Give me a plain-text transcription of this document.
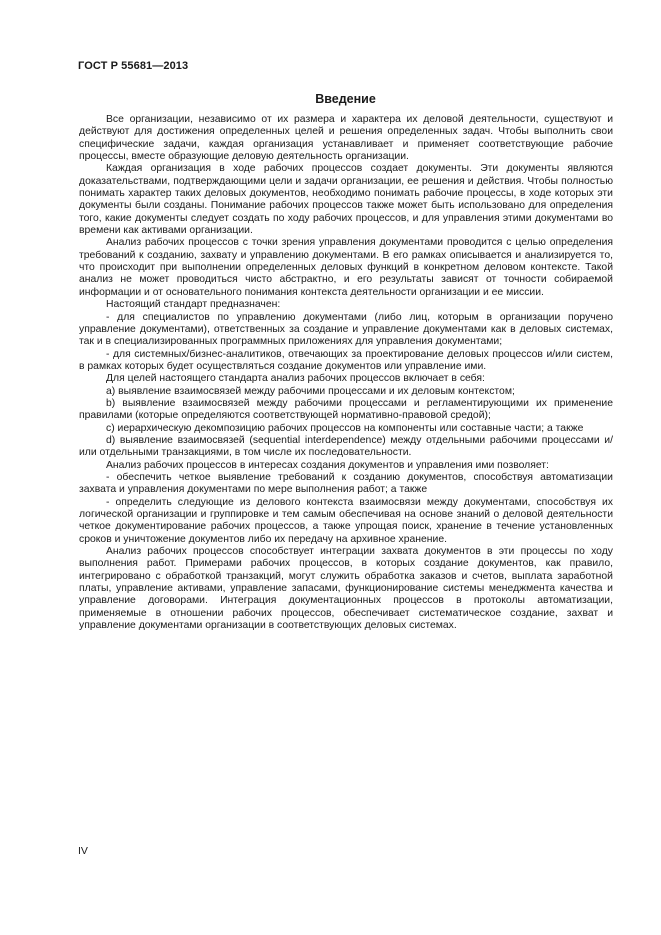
ГОСТ Р 55681—2013
Введение

Все организации, независимо от их размера и характера их деловой деятельности, существуют и действуют для достижения определенных целей и решения определенных задач. Чтобы выполнить свои специфические задачи, каждая организация устанавливает и применяет соответствующие рабочие процессы, вместе образующие деловую деятельность организации.

Каждая организация в ходе рабочих процессов создает документы. Эти документы являются доказательствами, подтверждающими цели и задачи организации, ее решения и действия. Чтобы полностью понимать характер таких деловых документов, необходимо понимать рабочие процессы, в ходе которых эти документы были созданы. Понимание рабочих процессов также может быть использовано для определения того, какие документы следует создать по ходу рабочих процессов, и для управления этими документами во времени как активами организации.

Анализ рабочих процессов с точки зрения управления документами проводится с целью определения требований к созданию, захвату и управлению документами. В его рамках описывается и анализируется то, что происходит при выполнении определенных деловых функций в конкретном деловом контексте. Такой анализ не может проводиться чисто абстрактно, и его результаты зависят от точности собираемой информации и от основательного понимания контекста деятельности организации и ее миссии.

Настоящий стандарт предназначен:

- для специалистов по управлению документами (либо лиц, которым в организации поручено управление документами), ответственных за создание и управление документами как в деловых системах, так и в специализированных программных приложениях для управления документами;

- для системных/бизнес-аналитиков, отвечающих за проектирование деловых процессов и/или систем, в рамках которых будет осуществляться создание документов или управление ими.

Для целей настоящего стандарта анализ рабочих процессов включает в себя:

a) выявление взаимосвязей между рабочими процессами и их деловым контекстом;

b) выявление взаимосвязей между рабочими процессами и регламентирующими их применение правилами (которые определяются соответствующей нормативно-правовой средой);

c) иерархическую декомпозицию рабочих процессов на компоненты или составные части; а также

d) выявление взаимосвязей (sequential interdependence) между отдельными рабочими процессами и/или отдельными транзакциями, в том числе их последовательности.

Анализ рабочих процессов в интересах создания документов и управления ими позволяет:

- обеспечить четкое выявление требований к созданию документов, способствуя автоматизации захвата и управления документами по мере выполнения работ; а также

- определить следующие из делового контекста взаимосвязи между документами, способствуя их логической организации и группировке и тем самым обеспечивая на основе знаний о деловой деятельности четкое документирование рабочих процессов, а также упрощая поиск, хранение в течение установленных сроков и уничтожение документов либо их передачу на архивное хранение.

Анализ рабочих процессов способствует интеграции захвата документов в эти процессы по ходу выполнения работ. Примерами рабочих процессов, в которых создание документов, как правило, интегрировано с обработкой транзакций, могут служить обработка заказов и счетов, выплата заработной платы, управление активами, управление запасами, функционирование системы менеджмента качества и управление договорами. Интеграция документационных процессов в протоколы автоматизации, применяемые в отношении рабочих процессов, обеспечивает систематическое создание, захват и управление документами организации в соответствующих деловых системах.

IV
